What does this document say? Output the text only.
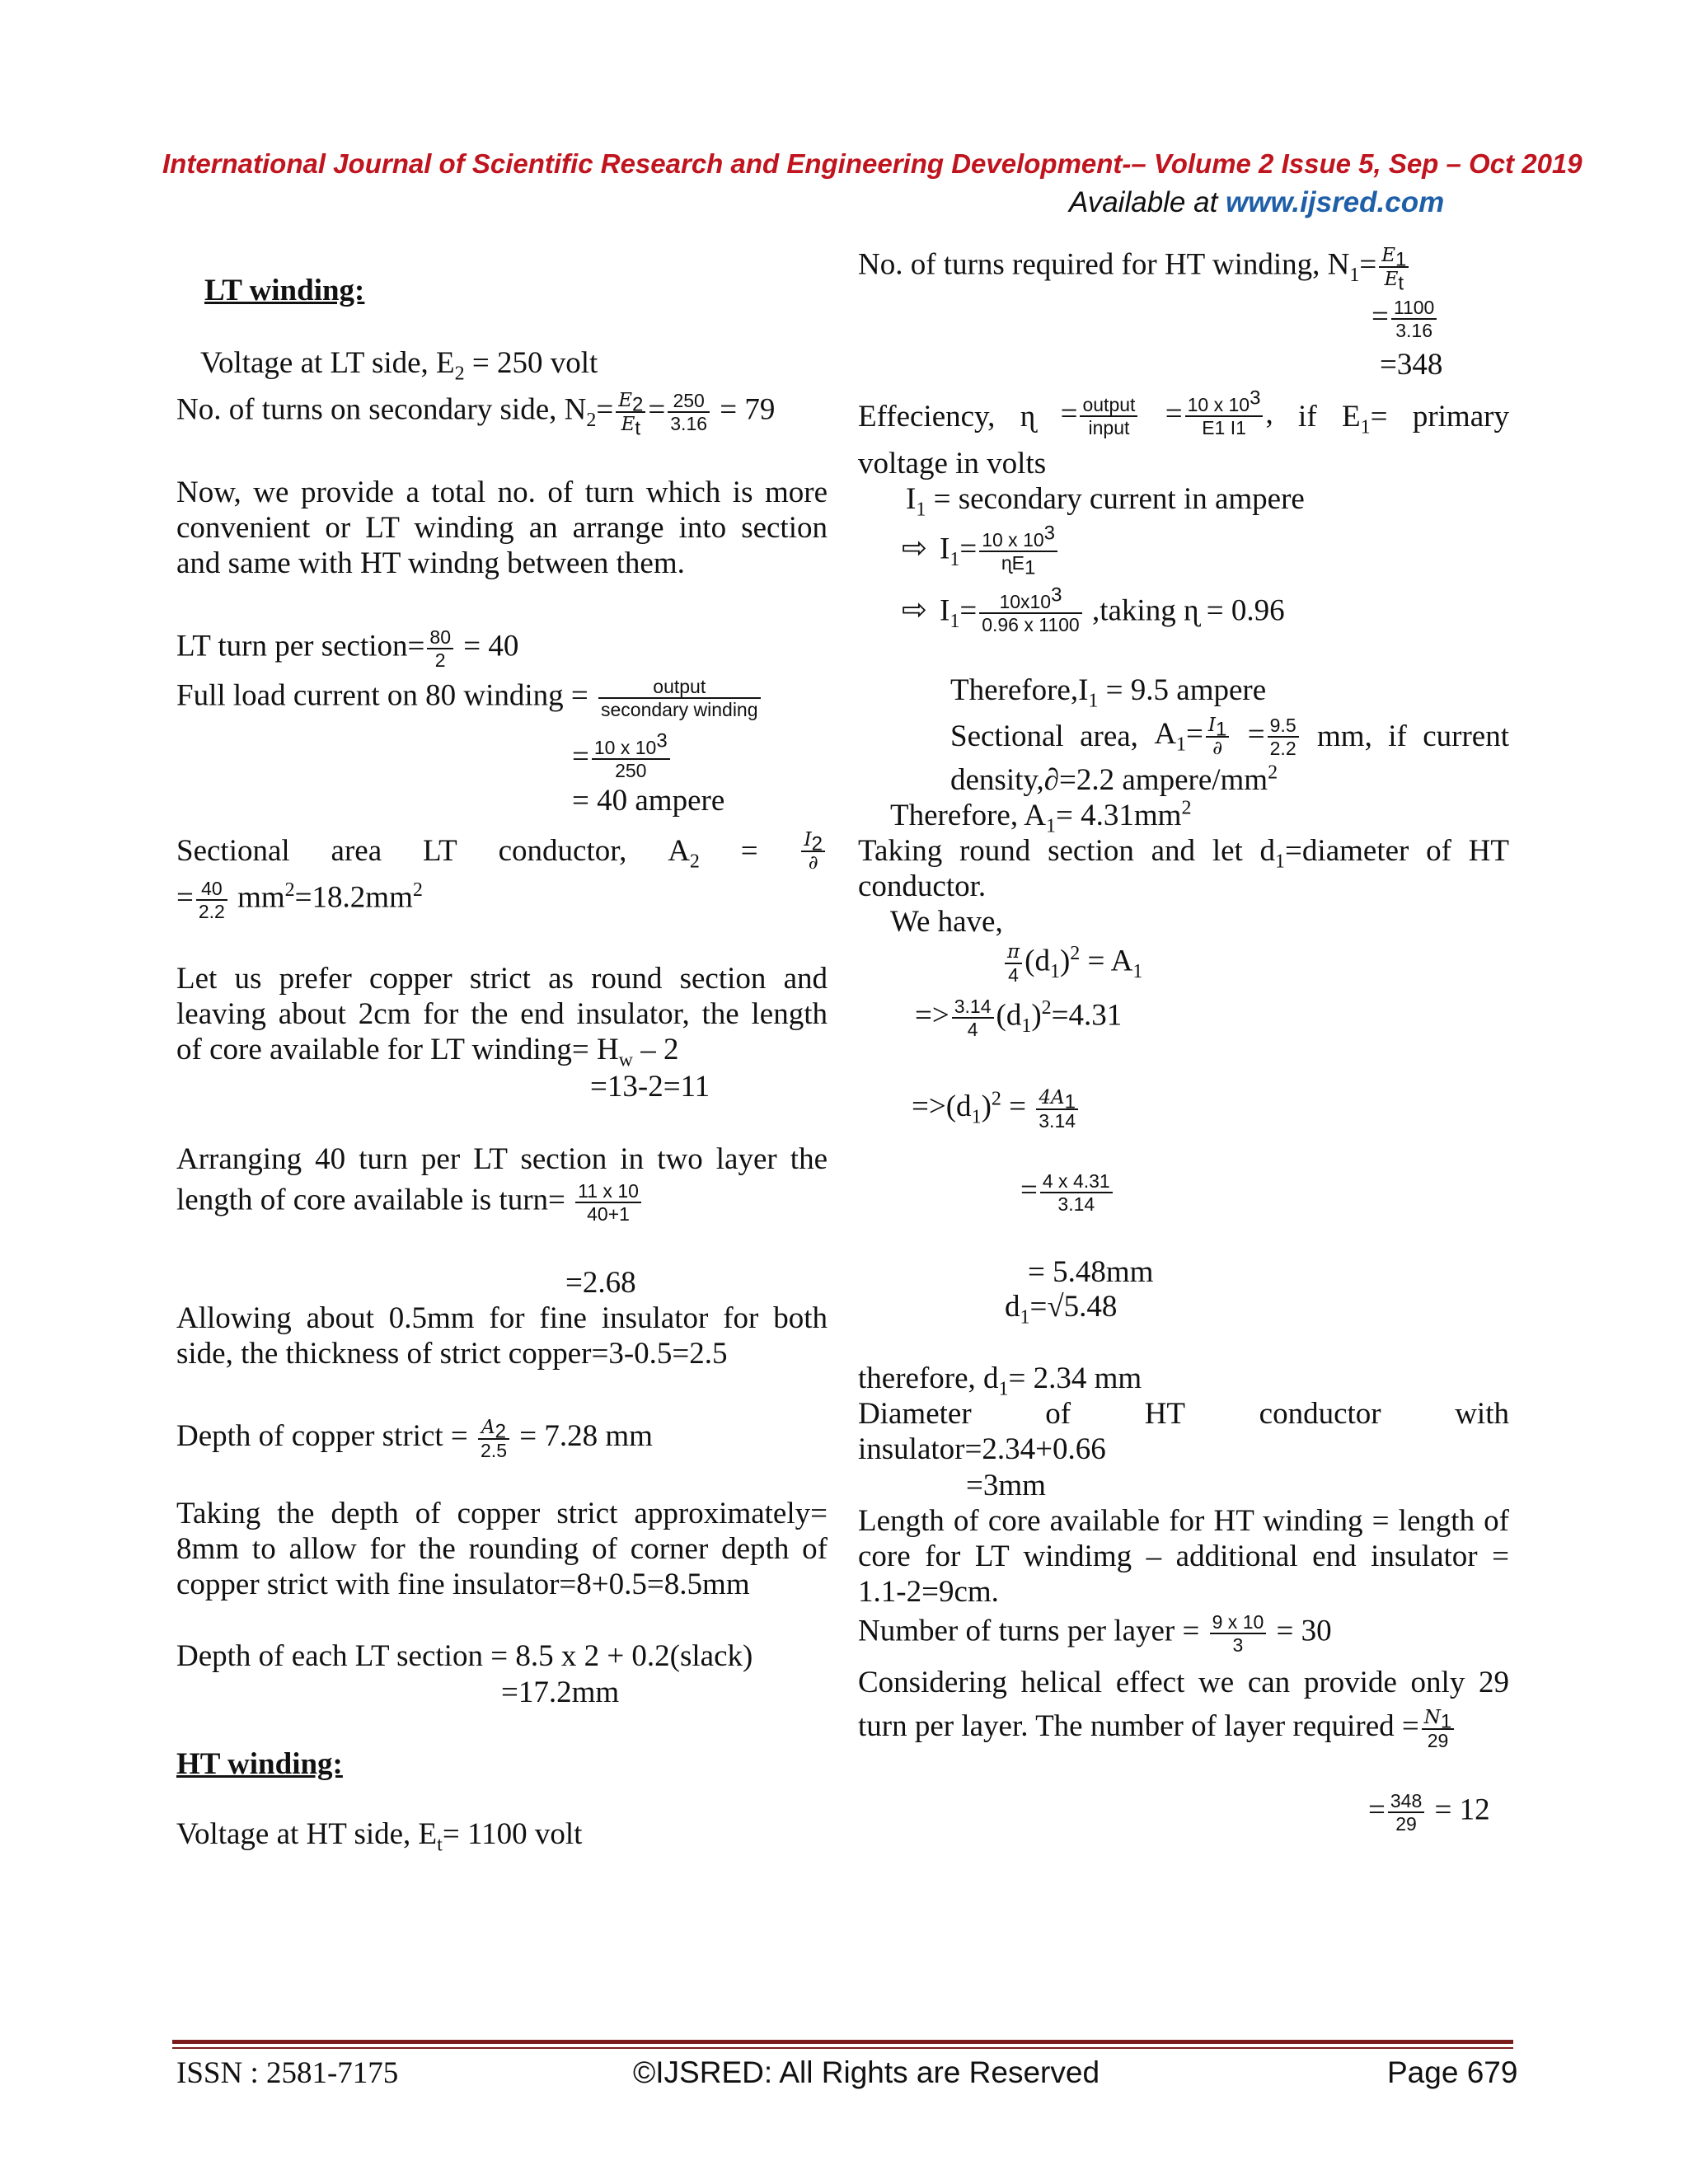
International Journal of Scientific Research and Engineering Development-– Volume 2 Issue 5, Sep – Oct 2019
Available at www.ijsred.com
LT winding:
Voltage at LT side, $E_2 = 250$ volt
No. of turns on secondary side, $N_2= \frac{E_2}{E_t} = \frac{250}{3.16} = 79$
Now, we provide a total no. of turn which is more
convenient or LT winding an arrange into section
and same with HT windng between them.
LT turn per section= $\frac{80}{2} = 40$
Full load current on 80 winding = $\frac{\text{output}}{\text{secondary winding}}$
= $\frac{10 x 10^3}{250}$
= 40 ampere
Sectional area LT conductor, $A_2 = \frac{I_2}{\partial}$
= $\frac{40}{2.2} mm^2=18.2mm^2$
Let us prefer copper strict as round section and
leaving about 2cm for the end insulator, the length
of core available for LT winding= $H_w - 2$
=13-2=11
Arranging 40 turn per LT section in two layer the
length of core available is turn= $\frac{11 x 10}{40+1}$
=2.68
Allowing about 0.5mm for fine insulator for both
side, the thickness of strict copper=3-0.5=2.5
Depth of copper strict = $\frac{A_2}{2.5} = 7.28$ mm
Taking the depth of copper strict approximately=
8mm to allow for the rounding of corner depth of
copper strict with fine insulator=8+0.5=8.5mm
Depth of each LT section = 8.5 x 2 + 0.2(slack)
=17.2mm
HT winding:
Voltage at HT side, $E_t= 1100$ volt
No. of turns required for HT winding, $N_1= \frac{E_1}{E_t}$
= $\frac{1100}{3.16}$
=348
Effeciency, ɳ = $\frac{\text{output}}{\text{input}} = \frac{10 x 10^3}{E1 I1}$ , if $E_1=$ primary
voltage in volts
$I_1$ = secondary current in ampere
⇨ $I_1= \frac{10 x 10^3}{ɳE_1}$
⇨ $I_1= \frac{10x10^3}{0.96 x 1100}$ ,taking ɳ = 0.96
$Therefore,I_1 = 9.5$ ampere
Sectional area, $A_1= \frac{I_1}{\partial} = \frac{9.5}{2.2}$ mm, if current
density,∂=2.2 ampere/$mm^2$
Therefore, $A_1= 4.31mm^2$
Taking round section and let $d_1=diameter$ of HT
conductor.
We have,
$\frac{\pi}{4} (d_1)^2 = A_1$
=> $\frac{3.14}{4} (d_1)^2=4.31$
$=>(d_1)^2 = \frac{4A_1}{3.14}$
= $\frac{4 x 4.31}{3.14}$
= 5.48mm
$d_1=√5.48$
therefore, $d_1= 2.34$ mm
Diameter of HT conductor with
insulator=2.34+0.66
=3mm
Length of core available for HT winding = length of
core for LT windimg – additional end insulator =
1.1-2=9cm.
Number of turns per layer = $\frac{9 x 10}{3} = 30$
Considering helical effect we can provide only 29
turn per layer. The number of layer required = $\frac{N_1}{29}$
= $\frac{348}{29} = 12$
ISSN : 2581-7175	©IJSRED: All Rights are Reserved	Page 679
